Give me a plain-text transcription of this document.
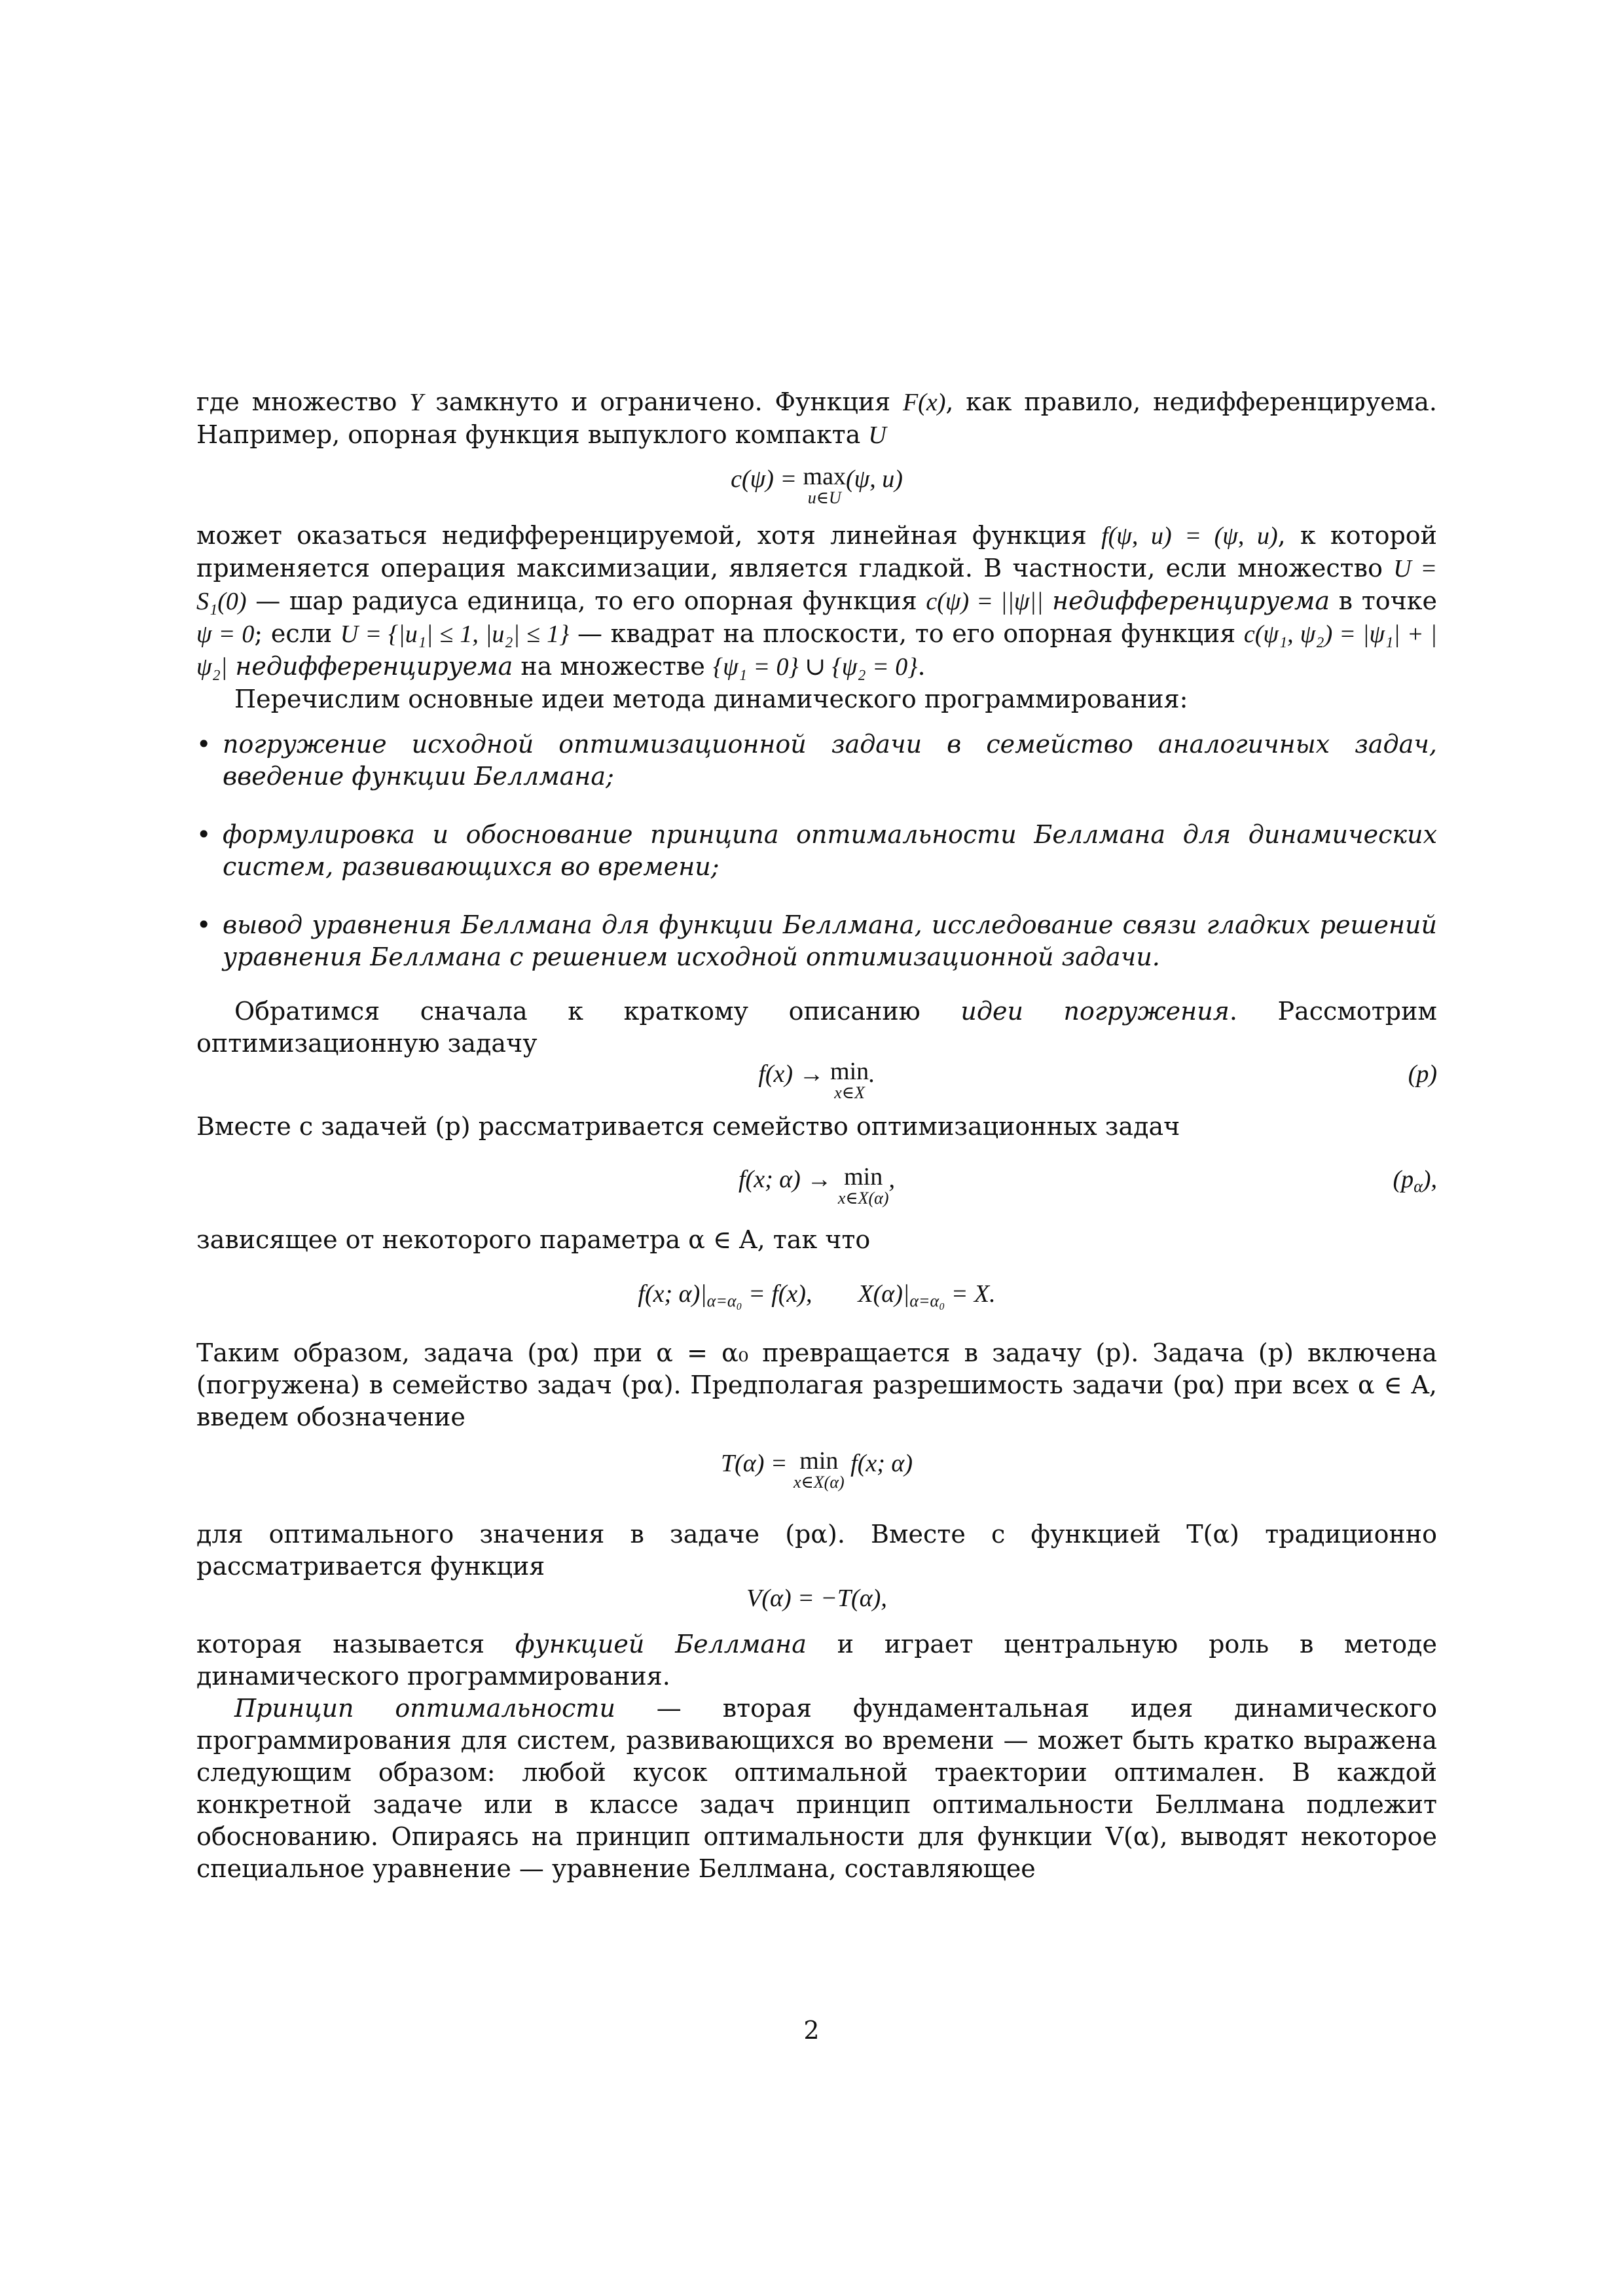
где множество Y замкнуто и ограничено. Функция F(x), как правило, недифференцируема. Например, опорная функция выпуклого компакта U

c(ψ) = max
u∈U
(ψ, u)

может оказаться недифференцируемой, хотя линейная функция f(ψ, u) = (ψ, u), к которой применяется операция максимизации, является гладкой. В частности, если множество U = S₁(0) — шар радиуса единица, то его опорная функция c(ψ) = ||ψ|| недифференцируема в точке ψ = 0; если U = {|u₁| ≤ 1, |u₂| ≤ 1} — квадрат на плоскости, то его опорная функция c(ψ₁, ψ₂) = |ψ₁| + |ψ₂| недифференцируема на множестве {ψ₁ = 0} ∪ {ψ₂ = 0}.

Перечислим основные идеи метода динамического программирования:

• погружение исходной оптимизационной задачи в семейство аналогичных задач, введение функции Беллмана;
• формулировка и обоснование принципа оптимальности Беллмана для динамических систем, развивающихся во времени;
• вывод уравнения Беллмана для функции Беллмана, исследование связи гладких решений уравнения Беллмана с решением исходной оптимизационной задачи.

Обратимся сначала к краткому описанию идеи погружения. Рассмотрим оптимизационную задачу

f(x) → min
x∈X
.	(p)

Вместе с задачей (p) рассматривается семейство оптимизационных задач

f(x; α) → min
x∈X(α)
,	$(p_\alpha)$,

зависящее от некоторого параметра α ∈ A, так что

f(x; $\alpha)|_{\alpha=\alpha_0} = f(x)$, $X(\alpha)|_{\alpha=\alpha_0} = X$.

Таким образом, задача (pα) при α = α₀ превращается в задачу (p). Задача (p) включена (погружена) в семейство задач (pα). Предполагая разрешимость задачи (pα) при всех α ∈ A, введем обозначение

T(α) = min
x∈X(α)
f(x; α)

для оптимального значения в задаче (pα). Вместе с функцией T(α) традиционно рассматривается функция

V(α) = −T(α),

которая называется функцией Беллмана и играет центральную роль в методе динамического программирования.

Принцип оптимальности — вторая фундаментальная идея динамического программирования для систем, развивающихся во времени — может быть кратко выражена следующим образом: любой кусок оптимальной траектории оптимален. В каждой конкретной задаче или в классе задач принцип оптимальности Беллмана подлежит обоснованию. Опираясь на принцип оптимальности для функции V(α), выводят некоторое специальное уравнение — уравнение Беллмана, составляющее

2
